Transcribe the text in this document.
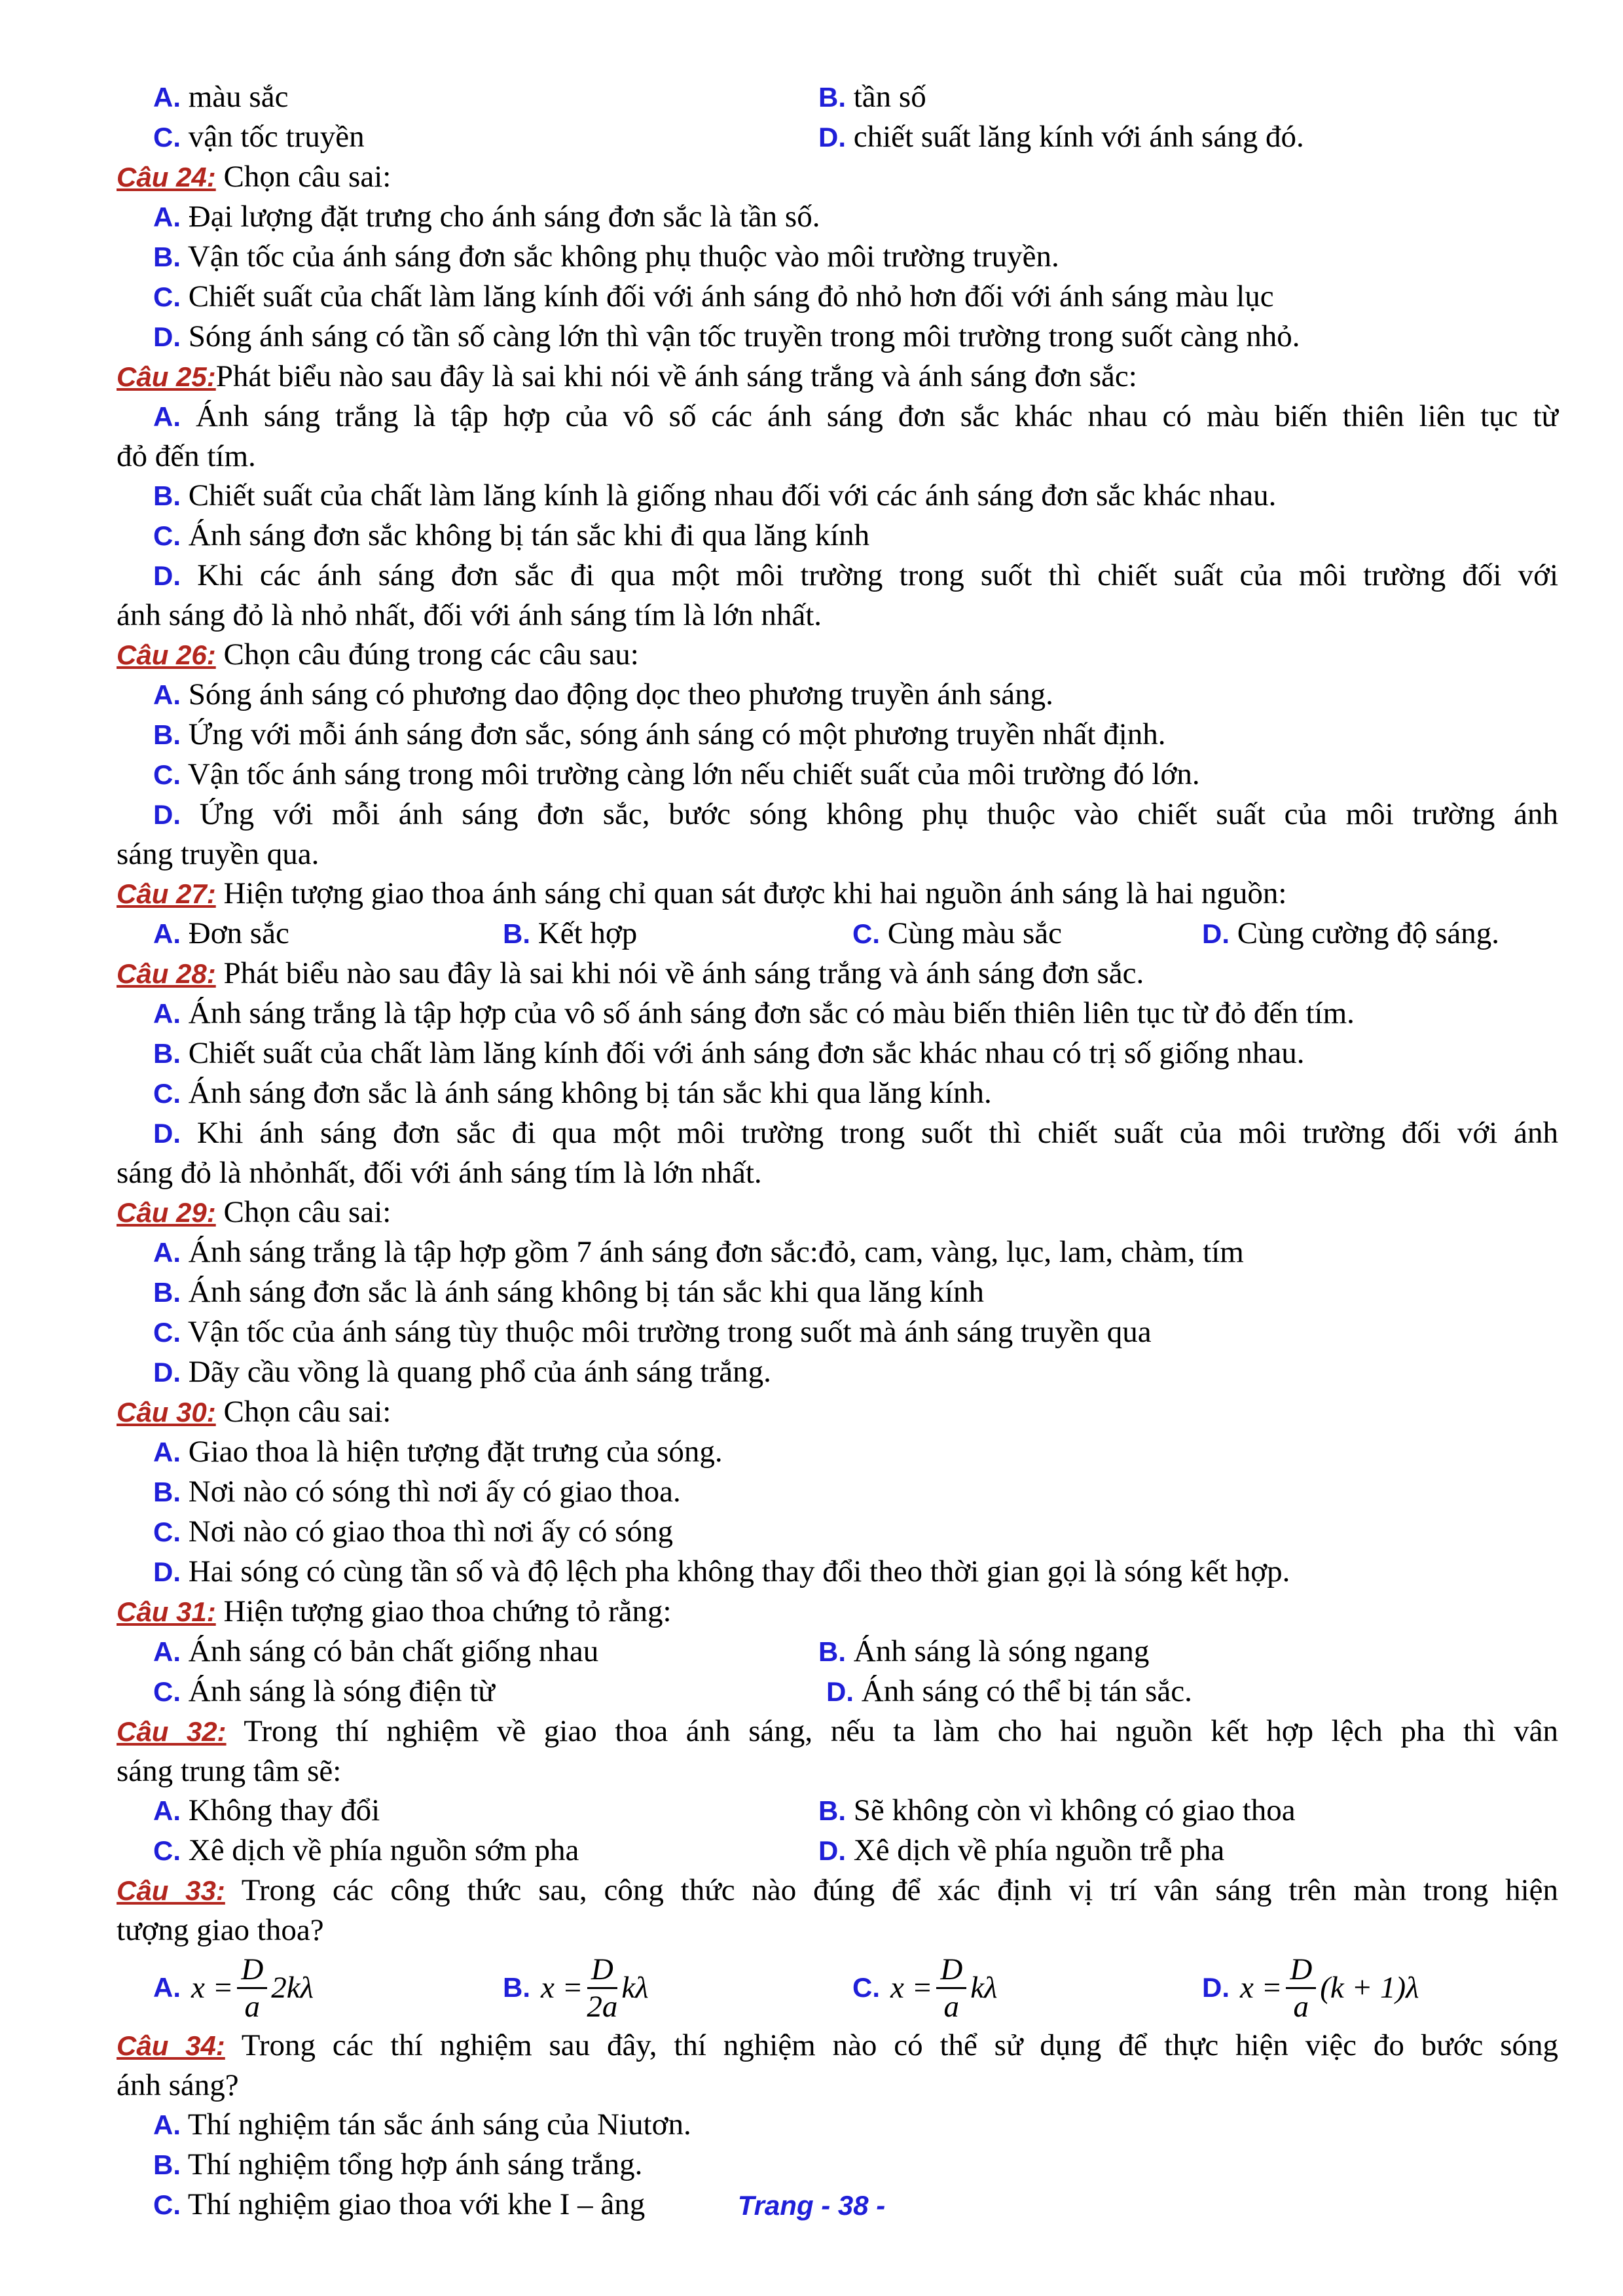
A. màu sắc	B. tần số
C. vận tốc truyền	D. chiết suất lăng kính với ánh sáng đó.
Câu 24: Chọn câu sai:
A. Đại lượng đặt trưng cho ánh sáng đơn sắc là tần số.
B. Vận tốc của ánh sáng đơn sắc không phụ thuộc vào môi trường truyền.
C. Chiết suất của chất làm lăng kính đối với ánh sáng đỏ nhỏ hơn đối với ánh sáng màu lục
D. Sóng ánh sáng có tần số càng lớn thì vận tốc truyền trong môi trường trong suốt càng nhỏ.
Câu 25:Phát biểu nào sau đây là sai khi nói về ánh sáng trắng và ánh sáng đơn sắc:
A. Ánh sáng trắng là tập hợp của vô số các ánh sáng đơn sắc khác nhau có màu biến thiên liên tục từ
đỏ đến tím.
B. Chiết suất của chất làm lăng kính là giống nhau đối với các ánh sáng đơn sắc khác nhau.
C. Ánh sáng đơn sắc không bị tán sắc khi đi qua lăng kính
D. Khi các ánh sáng đơn sắc đi qua một môi trường trong suốt thì chiết suất của môi trường đối với
ánh sáng đỏ là nhỏ nhất, đối với ánh sáng tím là lớn nhất.
Câu 26: Chọn câu đúng trong các câu sau:
A. Sóng ánh sáng có phương dao động dọc theo phương truyền ánh sáng.
B. Ứng với mỗi ánh sáng đơn sắc, sóng ánh sáng có một phương truyền nhất định.
C. Vận tốc ánh sáng trong môi trường càng lớn nếu chiết suất của môi trường đó lớn.
D. Ứng với mỗi ánh sáng đơn sắc, bước sóng không phụ thuộc vào chiết suất của môi trường ánh
sáng truyền qua.
Câu 27: Hiện tượng giao thoa ánh sáng chỉ quan sát được khi hai nguồn ánh sáng là hai nguồn:
A. Đơn sắc	B. Kết hợp	C. Cùng màu sắc	D. Cùng cường độ sáng.
Câu 28: Phát biểu nào sau đây là sai khi nói về ánh sáng trắng và ánh sáng đơn sắc.
A. Ánh sáng trắng là tập hợp của vô số ánh sáng đơn sắc có màu biến thiên liên tục từ đỏ đến tím.
B. Chiết suất của chất làm lăng kính đối với ánh sáng đơn sắc khác nhau có trị số giống nhau.
C. Ánh sáng đơn sắc là ánh sáng không bị tán sắc khi qua lăng kính.
D. Khi ánh sáng đơn sắc đi qua một môi trường trong suốt thì chiết suất của môi trường đối với ánh
sáng đỏ là nhỏnhất, đối với ánh sáng tím là lớn nhất.
Câu 29: Chọn câu sai:
A. Ánh sáng trắng là tập hợp gồm 7 ánh sáng đơn sắc:đỏ, cam, vàng, lục, lam, chàm, tím
B. Ánh sáng đơn sắc là ánh sáng không bị tán sắc khi qua lăng kính
C. Vận tốc của ánh sáng tùy thuộc môi trường trong suốt mà ánh sáng truyền qua
D. Dãy cầu vồng là quang phổ của ánh sáng trắng.
Câu 30: Chọn câu sai:
A. Giao thoa là hiện tượng đặt trưng của sóng.
B. Nơi nào có sóng thì nơi ấy có giao thoa.
C. Nơi nào có giao thoa thì nơi ấy có sóng
D. Hai sóng có cùng tần số và độ lệch pha không thay đổi theo thời gian gọi là sóng kết hợp.
Câu 31: Hiện tượng giao thoa chứng tỏ rằng:
A. Ánh sáng có bản chất giống nhau	B. Ánh sáng là sóng ngang
C. Ánh sáng là sóng điện từ	D. Ánh sáng có thể bị tán sắc.
Câu 32: Trong thí nghiệm về giao thoa ánh sáng, nếu ta làm cho hai nguồn kết hợp lệch pha thì vân
sáng trung tâm sẽ:
A. Không thay đổi	B. Sẽ không còn vì không có giao thoa
C. Xê dịch về phía nguồn sớm pha	D. Xê dịch về phía nguồn trễ pha
Câu 33: Trong các công thức sau, công thức nào đúng để xác định vị trí vân sáng trên màn trong hiện
tượng giao thoa?
A. $x = \frac{D}{a} 2k\lambda$	B. $x = \frac{D}{2a}$ kλ	C. $x = \frac{D}{a}$ kλ	D. $x = \frac{D}{a} (k + 1)\lambda$
Câu 34: Trong các thí nghiệm sau đây, thí nghiệm nào có thể sử dụng để thực hiện việc đo bước sóng
ánh sáng?
A. Thí nghiệm tán sắc ánh sáng của Niutơn.
B. Thí nghiệm tổng hợp ánh sáng trắng.
C. Thí nghiệm giao thoa với khe I – âng	Trang - 38 -
